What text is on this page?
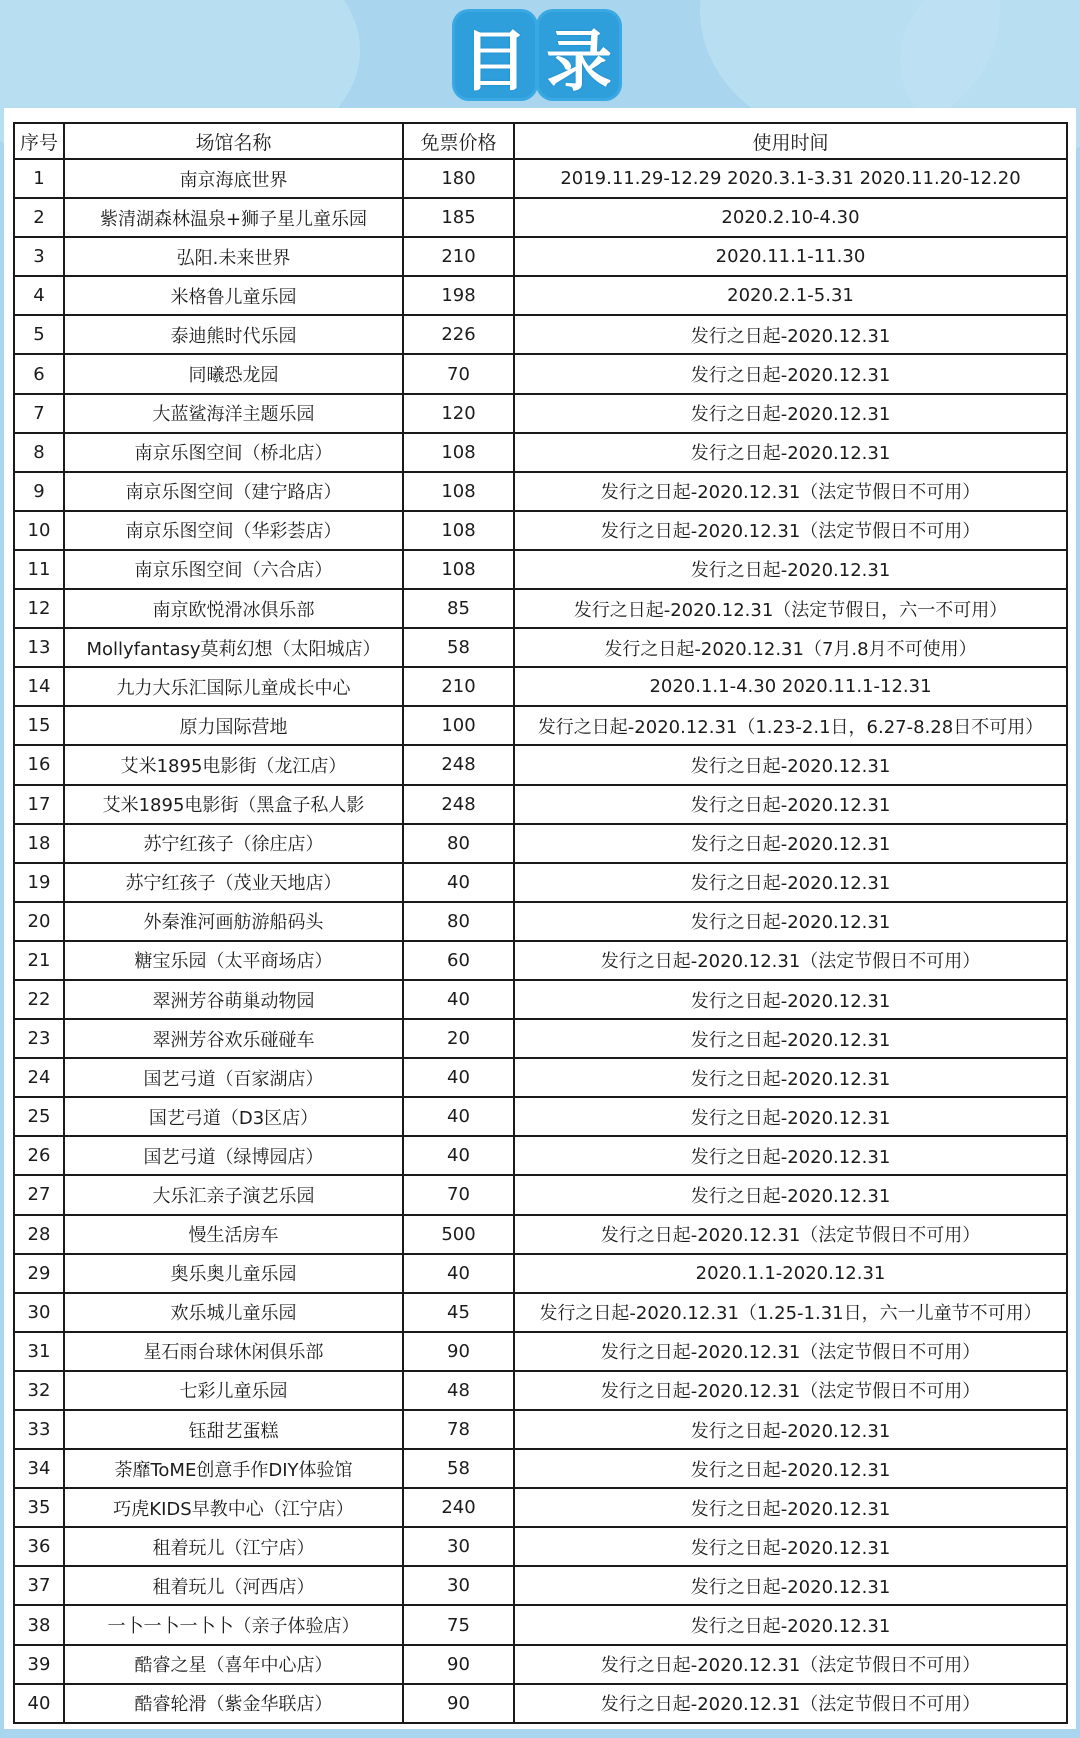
目 录
序号	场馆名称	免票价格	使用时间
1	南京海底世界	180	2019.11.29-12.29 2020.3.1-3.31 2020.11.20-12.20
2	紫清湖森林温泉+狮子星儿童乐园	185	2020.2.10-4.30
3	弘阳.未来世界	210	2020.11.1-11.30
4	米格鲁儿童乐园	198	2020.2.1-5.31
5	泰迪熊时代乐园	226	发行之日起-2020.12.31
6	同曦恐龙园	70	发行之日起-2020.12.31
7	大蓝鲨海洋主题乐园	120	发行之日起-2020.12.31
8	南京乐图空间（桥北店）	108	发行之日起-2020.12.31
9	南京乐图空间（建宁路店）	108	发行之日起-2020.12.31（法定节假日不可用）
10	南京乐图空间（华彩荟店）	108	发行之日起-2020.12.31（法定节假日不可用）
11	南京乐图空间（六合店）	108	发行之日起-2020.12.31
12	南京欧悦滑冰俱乐部	85	发行之日起-2020.12.31（法定节假日，六一不可用）
13	Mollyfantasy莫莉幻想（太阳城店）	58	发行之日起-2020.12.31（7月.8月不可使用）
14	九力大乐汇国际儿童成长中心	210	2020.1.1-4.30 2020.11.1-12.31
15	原力国际营地	100	发行之日起-2020.12.31（1.23-2.1日，6.27-8.28日不可用）
16	艾米1895电影街（龙江店）	248	发行之日起-2020.12.31
17	艾米1895电影街（黑盒子私人影	248	发行之日起-2020.12.31
18	苏宁红孩子（徐庄店）	80	发行之日起-2020.12.31
19	苏宁红孩子（茂业天地店）	40	发行之日起-2020.12.31
20	外秦淮河画舫游船码头	80	发行之日起-2020.12.31
21	糖宝乐园（太平商场店）	60	发行之日起-2020.12.31（法定节假日不可用）
22	翠洲芳谷萌巢动物园	40	发行之日起-2020.12.31
23	翠洲芳谷欢乐碰碰车	20	发行之日起-2020.12.31
24	国艺弓道（百家湖店）	40	发行之日起-2020.12.31
25	国艺弓道（D3区店）	40	发行之日起-2020.12.31
26	国艺弓道（绿博园店）	40	发行之日起-2020.12.31
27	大乐汇亲子演艺乐园	70	发行之日起-2020.12.31
28	慢生活房车	500	发行之日起-2020.12.31（法定节假日不可用）
29	奥乐奥儿童乐园	40	2020.1.1-2020.12.31
30	欢乐城儿童乐园	45	发行之日起-2020.12.31（1.25-1.31日，六一儿童节不可用）
31	星石雨台球休闲俱乐部	90	发行之日起-2020.12.31（法定节假日不可用）
32	七彩儿童乐园	48	发行之日起-2020.12.31（法定节假日不可用）
33	钰甜艺蛋糕	78	发行之日起-2020.12.31
34	荼靡ToME创意手作DIY体验馆	58	发行之日起-2020.12.31
35	巧虎KIDS早教中心（江宁店）	240	发行之日起-2020.12.31
36	租着玩儿（江宁店）	30	发行之日起-2020.12.31
37	租着玩儿（河西店）	30	发行之日起-2020.12.31
38	一卜一卜一卜卜（亲子体验店）	75	发行之日起-2020.12.31
39	酷睿之星（喜年中心店）	90	发行之日起-2020.12.31（法定节假日不可用）
40	酷睿轮滑（紫金华联店）	90	发行之日起-2020.12.31（法定节假日不可用）
